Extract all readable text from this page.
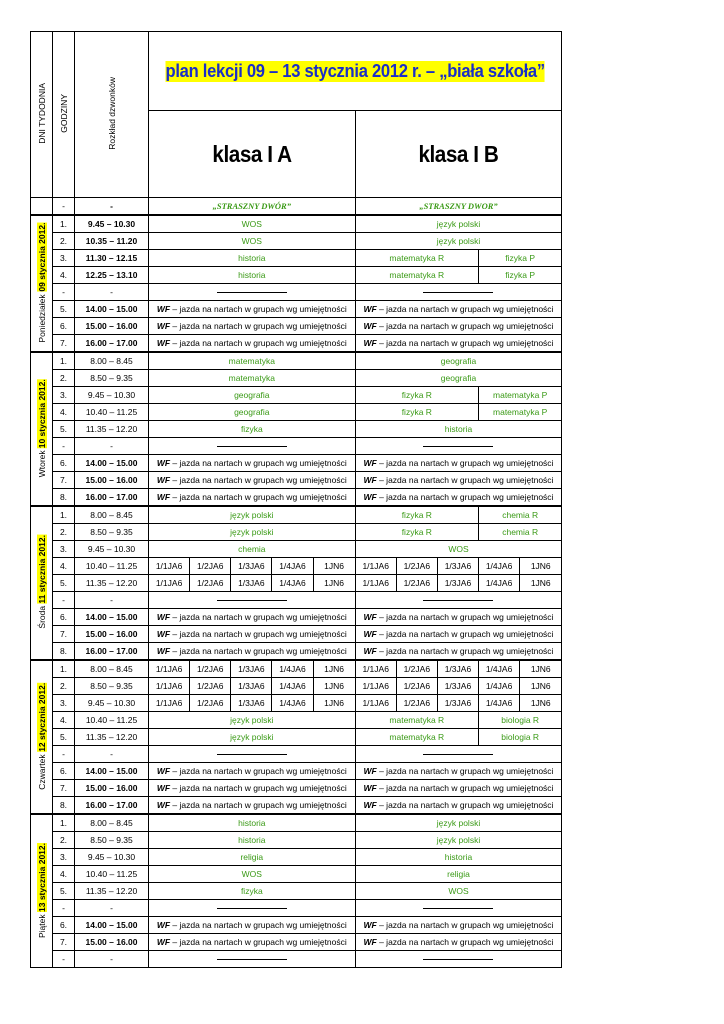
DNI TYDODNIA	GODZINY	Rozkład dzwonków	plan lekcji 09 – 13 stycznia 2012 r. – „biała szkoła”									
			klasa I A					klasa I B				
	-	-	„STRASZNY DWÓR”					„STRASZNY DWOR”				
Poniedziałek 09 stycznia 2012.	1.	9.45 – 10.30	WOS					język polski				
	2.	10.35 – 11.20	WOS					język polski				
	3.	11.30 – 12.15	historia					matematyka R			fizyka P	
	4.	12.25 – 13.10	historia					matematyka R			fizyka P	
	-	-										
	5.	14.00 – 15.00	WF – jazda na nartach w grupach wg umiejętności					WF – jazda na nartach w grupach wg umiejętności				
	6.	15.00 – 16.00	WF – jazda na nartach w grupach wg umiejętności					WF – jazda na nartach w grupach wg umiejętności				
	7.	16.00 – 17.00	WF – jazda na nartach w grupach wg umiejętności					WF – jazda na nartach w grupach wg umiejętności				
Wtorek 10 stycznia 2012.	1.	8.00 – 8.45	matematyka					geografia				
	2.	8.50 – 9.35	matematyka					geografia				
	3.	9.45 – 10.30	geografia					fizyka R			matematyka P	
	4.	10.40 – 11.25	geografia					fizyka R			matematyka P	
	5.	11.35 – 12.20	fizyka					historia				
	-	-										
	6.	14.00 – 15.00	WF – jazda na nartach w grupach wg umiejętności					WF – jazda na nartach w grupach wg umiejętności				
	7.	15.00 – 16.00	WF – jazda na nartach w grupach wg umiejętności					WF – jazda na nartach w grupach wg umiejętności				
	8.	16.00 – 17.00	WF – jazda na nartach w grupach wg umiejętności					WF – jazda na nartach w grupach wg umiejętności				
Środa 11 stycznia 2012.	1.	8.00 – 8.45	język polski					fizyka R			chemia R	
	2.	8.50 – 9.35	język polski					fizyka R			chemia R	
	3.	9.45 – 10.30	chemia					WOS				
	4.	10.40 – 11.25	1/1JA6	1/2JA6	1/3JA6	1/4JA6	1JN6	1/1JA6	1/2JA6	1/3JA6	1/4JA6	1JN6
	5.	11.35 – 12.20	1/1JA6	1/2JA6	1/3JA6	1/4JA6	1JN6	1/1JA6	1/2JA6	1/3JA6	1/4JA6	1JN6
	-	-										
	6.	14.00 – 15.00	WF – jazda na nartach w grupach wg umiejętności					WF – jazda na nartach w grupach wg umiejętności				
	7.	15.00 – 16.00	WF – jazda na nartach w grupach wg umiejętności					WF – jazda na nartach w grupach wg umiejętności				
	8.	16.00 – 17.00	WF – jazda na nartach w grupach wg umiejętności					WF – jazda na nartach w grupach wg umiejętności				
Czwartek 12 stycznia 2012.	1.	8.00 – 8.45	1/1JA6	1/2JA6	1/3JA6	1/4JA6	1JN6	1/1JA6	1/2JA6	1/3JA6	1/4JA6	1JN6
	2.	8.50 – 9.35	1/1JA6	1/2JA6	1/3JA6	1/4JA6	1JN6	1/1JA6	1/2JA6	1/3JA6	1/4JA6	1JN6
	3.	9.45 – 10.30	1/1JA6	1/2JA6	1/3JA6	1/4JA6	1JN6	1/1JA6	1/2JA6	1/3JA6	1/4JA6	1JN6
	4.	10.40 – 11.25	język polski					matematyka R			biologia R	
	5.	11.35 – 12.20	język polski					matematyka R			biologia R	
	-	-										
	6.	14.00 – 15.00	WF – jazda na nartach w grupach wg umiejętności					WF – jazda na nartach w grupach wg umiejętności				
	7.	15.00 – 16.00	WF – jazda na nartach w grupach wg umiejętności					WF – jazda na nartach w grupach wg umiejętności				
	8.	16.00 – 17.00	WF – jazda na nartach w grupach wg umiejętności					WF – jazda na nartach w grupach wg umiejętności				
Piątek 13 stycznia 2012.	1.	8.00 – 8.45	historia					język polski				
	2.	8.50 – 9.35	historia					język polski				
	3.	9.45 – 10.30	religia					historia				
	4.	10.40 – 11.25	WOS					religia				
	5.	11.35 – 12.20	fizyka					WOS				
	-	-										
	6.	14.00 – 15.00	WF – jazda na nartach w grupach wg umiejętności					WF – jazda na nartach w grupach wg umiejętności				
	7.	15.00 – 16.00	WF – jazda na nartach w grupach wg umiejętności					WF – jazda na nartach w grupach wg umiejętności				
	-	-										
